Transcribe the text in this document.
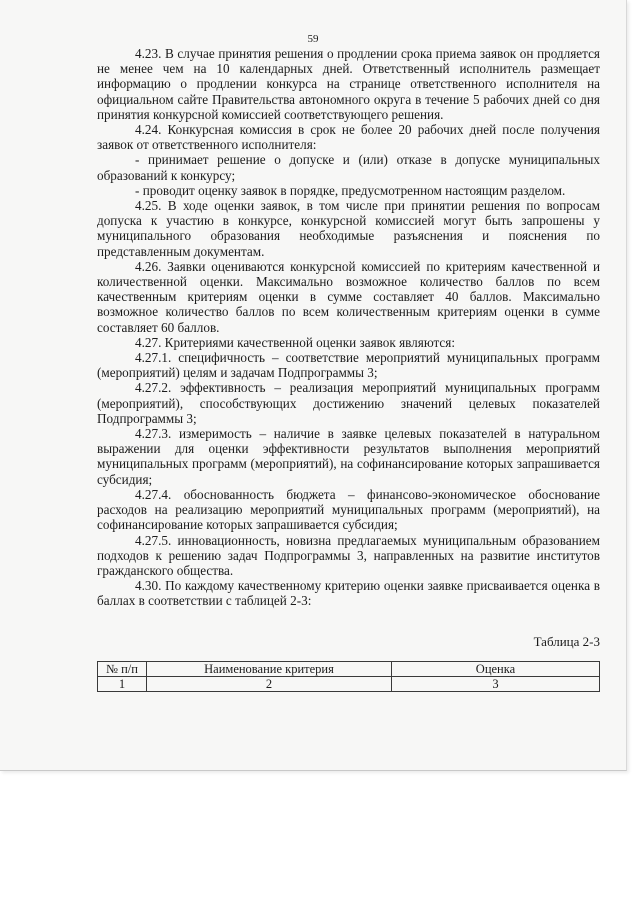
59

4.23. В случае принятия решения о продлении срока приема заявок он продляется не менее чем на 10 календарных дней. Ответственный исполнитель размещает информацию о продлении конкурса на странице ответственного исполнителя на официальном сайте Правительства автономного округа в течение 5 рабочих дней со дня принятия конкурсной комиссией соответствующего решения.

4.24. Конкурсная комиссия в срок не более 20 рабочих дней после получения заявок от ответственного исполнителя:

- принимает решение о допуске и (или) отказе в допуске муниципальных образований к конкурсу;

- проводит оценку заявок в порядке, предусмотренном настоящим разделом.

4.25. В ходе оценки заявок, в том числе при принятии решения по вопросам допуска к участию в конкурсе, конкурсной комиссией могут быть запрошены у муниципального образования необходимые разъяснения и пояснения по представленным документам.

4.26. Заявки оцениваются конкурсной комиссией по критериям качественной и количественной оценки. Максимально возможное количество баллов по всем качественным критериям оценки в сумме составляет 40 баллов. Максимально возможное количество баллов по всем количественным критериям оценки в сумме составляет 60 баллов.

4.27. Критериями качественной оценки заявок являются:

4.27.1. специфичность – соответствие мероприятий муниципальных программ (мероприятий) целям и задачам Подпрограммы 3;

4.27.2. эффективность – реализация мероприятий муниципальных программ (мероприятий), способствующих достижению значений целевых показателей Подпрограммы 3;

4.27.3. измеримость – наличие в заявке целевых показателей в натуральном выражении для оценки эффективности результатов выполнения мероприятий муниципальных программ (мероприятий), на софинансирование которых запрашивается субсидия;

4.27.4. обоснованность бюджета – финансово-экономическое обоснование расходов на реализацию мероприятий муниципальных программ (мероприятий), на софинансирование которых запрашивается субсидия;

4.27.5. инновационность, новизна предлагаемых муниципальным образованием подходов к решению задач Подпрограммы 3, направленных на развитие институтов гражданского общества.

4.30. По каждому качественному критерию оценки заявке присваивается оценка в баллах в соответствии с таблицей 2-3:

Таблица 2-3
№ п/п	Наименование критерия	Оценка
1	2	3
